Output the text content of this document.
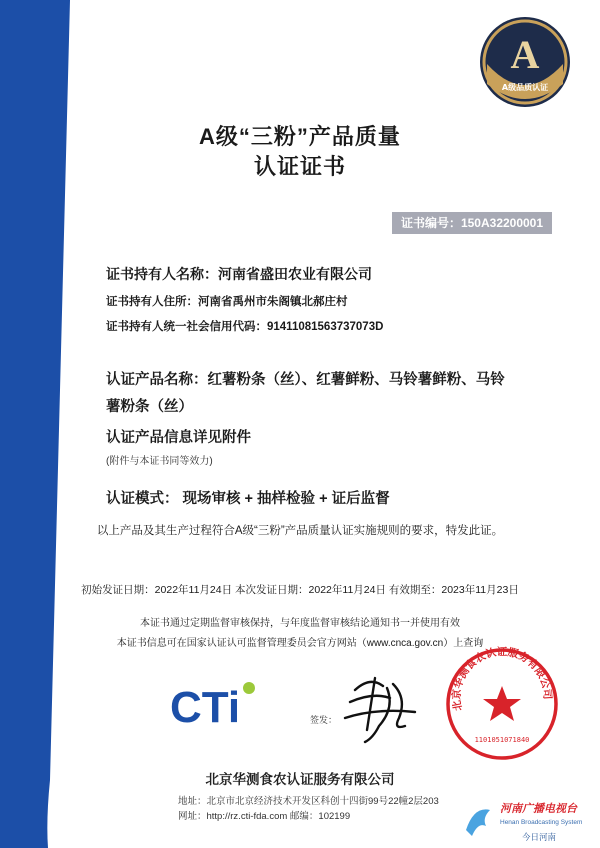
A
A级品质认证
A级“三粉”产品质量
认证证书
证书编号：150A32200001
证书持有人名称：河南省盛田农业有限公司
证书持有人住所：河南省禹州市朱阁镇北郝庄村
证书持有人统一社会信用代码：91411081563737073D
认证产品名称：红薯粉条（丝）、红薯鲜粉、马铃薯鲜粉、马铃
薯粉条（丝）
认证产品信息详见附件
(附件与本证书同等效力)
认证模式： 现场审核 + 抽样检验 + 证后监督
以上产品及其生产过程符合A级“三粉”产品质量认证实施规则的要求，特发此证。
初始发证日期：2022年11月24日 本次发证日期：2022年11月24日 有效期至：2023年11月23日
本证书通过定期监督审核保持，与年度监督审核结论通知书一并使用有效
本证书信息可在国家认证认可监督管理委员会官方网站（www.cnca.gov.cn）上查询
CTi	签发：
北京华测食农认证服务有限公司
1101051071840
北京华测食农认证服务有限公司
地址：北京市北京经济技术开发区科创十四街99号22幢2层203
网址：http://rz.cti-fda.com 邮编：102199
河南广播电视台
Henan Broadcasting System
今日河南
